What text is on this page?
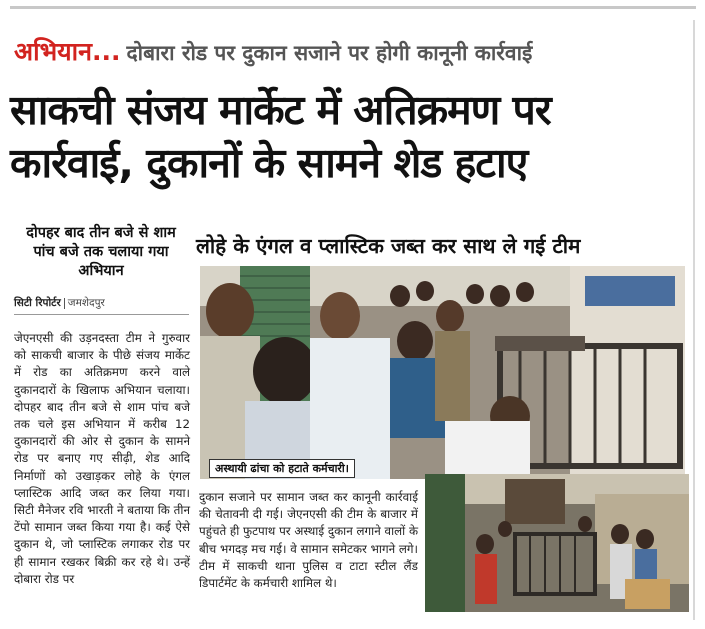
अभियान... दोबारा रोड पर दुकान सजाने पर होगी कानूनी कार्रवाई
साकची संजय मार्केट में अतिक्रमण पर
कार्रवाई, दुकानों के सामने शेड हटाए
दोपहर बाद तीन बजे से शाम पांच बजे तक चलाया गया अभियान
सिटी रिपोर्टर जमशेदपुर

जेएनएसी की उड़नदस्ता टीम ने गुरुवार को साकची बाजार के पीछे संजय मार्केट में रोड का अतिक्रमण करने वाले दुकानदारों के खिलाफ अभियान चलाया। दोपहर बाद तीन बजे से शाम पांच बजे तक चले इस अभियान में करीब 12 दुकानदारों की ओर से दुकान के सामने रोड पर बनाए गए सीढ़ी, शेड आदि निर्माणों को उखाड़कर लोहे के एंगल प्लास्टिक आदि जब्त कर लिया गया। सिटी मैनेजर रवि भारती ने बताया कि तीन टेंपो सामान जब्त किया गया है। कई ऐसे दुकान थे, जो प्लास्टिक लगाकर रोड पर ही सामान रखकर बिक्री कर रहे थे। उन्हें दोबारा रोड पर

लोहे के एंगल व प्लास्टिक जब्त कर साथ ले गई टीम
अस्थायी ढांचा को हटाते कर्मचारी।

दुकान सजाने पर सामान जब्त कर कानूनी कार्रवाई की चेतावनी दी गई। जेएनएसी की टीम के बाजार में पहुंचते ही फुटपाथ पर अस्थाई दुकान लगाने वालों के बीच भगदड़ मच गई। वे सामान समेटकर भागने लगे। टीम में साकची थाना पुलिस व टाटा स्टील लैंड डिपार्टमेंट के कर्मचारी शामिल थे।
